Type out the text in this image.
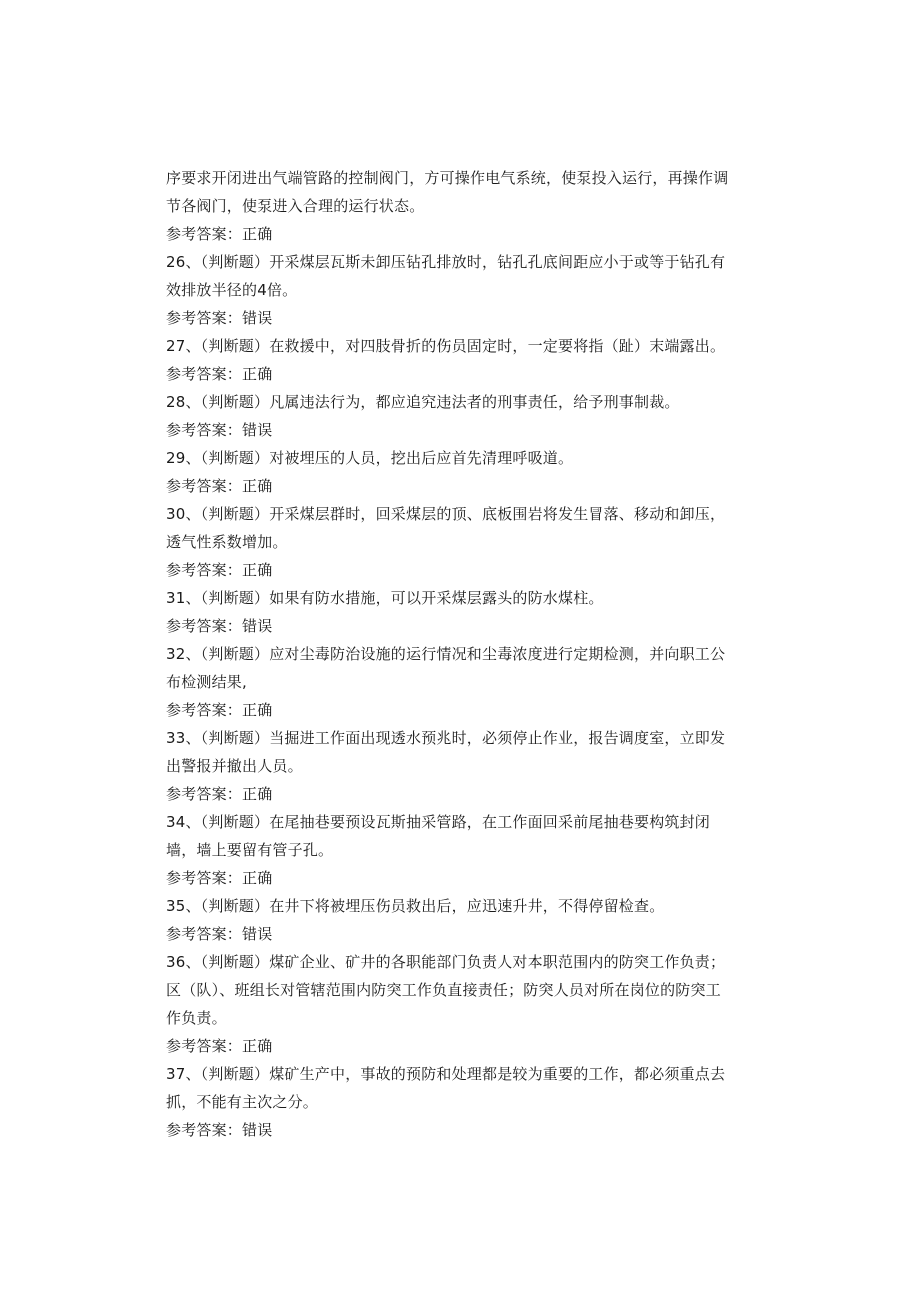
序要求开闭进出气端管路的控制阀门，方可操作电气系统，使泵投入运行，再操作调
节各阀门，使泵进入合理的运行状态。
参考答案：正确
26、（判断题）开采煤层瓦斯未卸压钻孔排放时，钻孔孔底间距应小于或等于钻孔有
效排放半径的4倍。
参考答案：错误
27、（判断题）在救援中，对四肢骨折的伤员固定时，一定要将指（趾）末端露出。
参考答案：正确
28、（判断题）凡属违法行为，都应追究违法者的刑事责任，给予刑事制裁。
参考答案：错误
29、（判断题）对被埋压的人员，挖出后应首先清理呼吸道。
参考答案：正确
30、（判断题）开采煤层群时，回采煤层的顶、底板围岩将发生冒落、移动和卸压，
透气性系数增加。
参考答案：正确
31、（判断题）如果有防水措施，可以开采煤层露头的防水煤柱。
参考答案：错误
32、（判断题）应对尘毒防治设施的运行情况和尘毒浓度进行定期检测，并向职工公
布检测结果,
参考答案：正确
33、（判断题）当掘进工作面出现透水预兆时，必须停止作业，报告调度室，立即发
出警报并撤出人员。
参考答案：正确
34、（判断题）在尾抽巷要预设瓦斯抽采管路，在工作面回采前尾抽巷要构筑封闭
墙，墙上要留有管子孔。
参考答案：正确
35、（判断题）在井下将被埋压伤员救出后，应迅速升井，不得停留检查。
参考答案：错误
36、（判断题）煤矿企业、矿井的各职能部门负责人对本职范围内的防突工作负责；
区（队）、班组长对管辖范围内防突工作负直接责任；防突人员对所在岗位的防突工
作负责。
参考答案：正确
37、（判断题）煤矿生产中，事故的预防和处理都是较为重要的工作，都必须重点去
抓，不能有主次之分。
参考答案：错误
